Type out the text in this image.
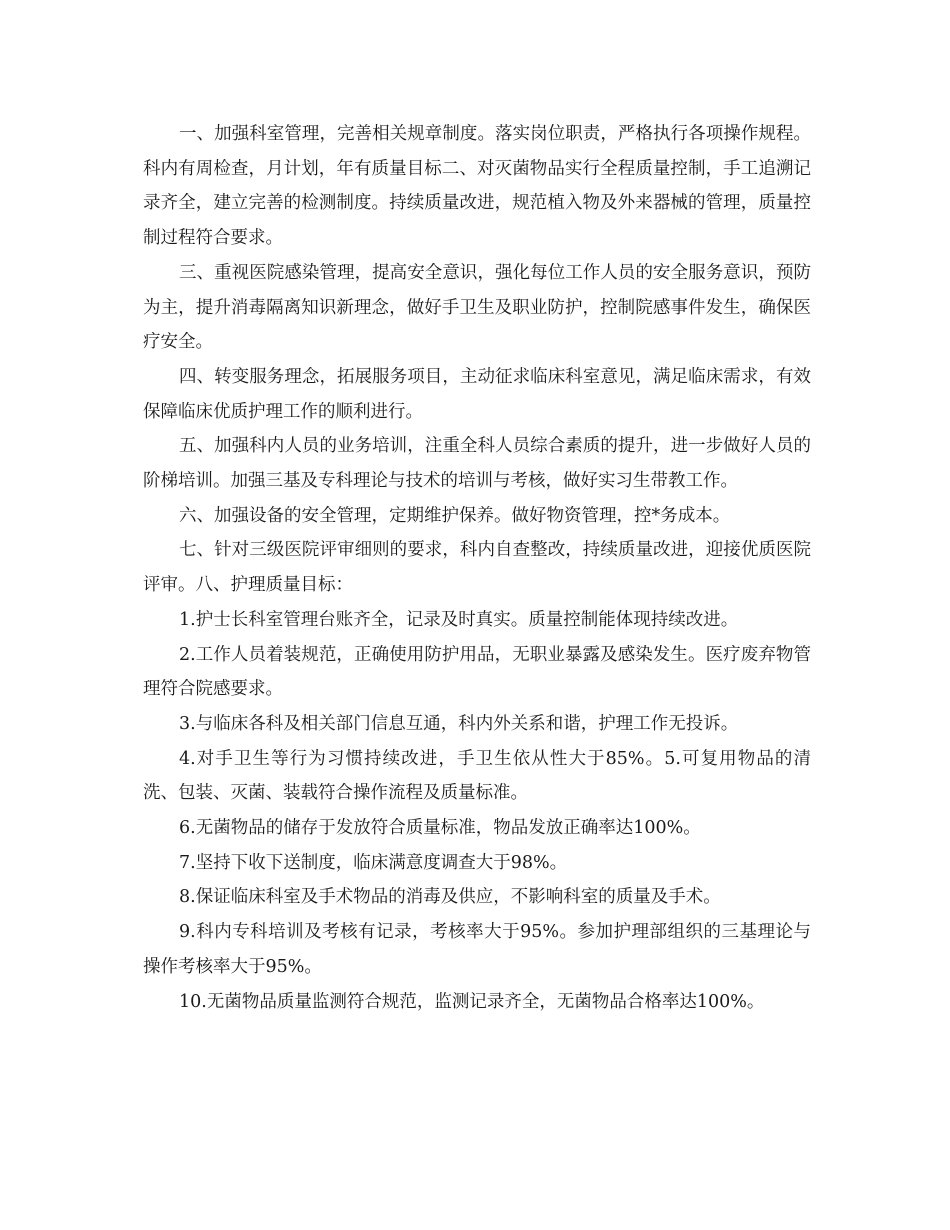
一、加强科室管理，完善相关规章制度。落实岗位职责，严格执行各项操作规程。科内有周检查，月计划，年有质量目标二、对灭菌物品实行全程质量控制，手工追溯记录齐全，建立完善的检测制度。持续质量改进，规范植入物及外来器械的管理，质量控制过程符合要求。

三、重视医院感染管理，提高安全意识，强化每位工作人员的安全服务意识，预防为主，提升消毒隔离知识新理念，做好手卫生及职业防护，控制院感事件发生，确保医疗安全。

四、转变服务理念，拓展服务项目，主动征求临床科室意见，满足临床需求，有效保障临床优质护理工作的顺利进行。

五、加强科内人员的业务培训，注重全科人员综合素质的提升，进一步做好人员的阶梯培训。加强三基及专科理论与技术的培训与考核，做好实习生带教工作。

六、加强设备的安全管理，定期维护保养。做好物资管理，控*务成本。

七、针对三级医院评审细则的要求，科内自查整改，持续质量改进，迎接优质医院评审。八、护理质量目标：

1.护士长科室管理台账齐全，记录及时真实。质量控制能体现持续改进。

2.工作人员着装规范，正确使用防护用品，无职业暴露及感染发生。医疗废弃物管理符合院感要求。

3.与临床各科及相关部门信息互通，科内外关系和谐，护理工作无投诉。

4.对手卫生等行为习惯持续改进，手卫生依从性大于85%。5.可复用物品的清洗、包装、灭菌、装载符合操作流程及质量标准。

6.无菌物品的储存于发放符合质量标准，物品发放正确率达100%。

7.坚持下收下送制度，临床满意度调查大于98%。

8.保证临床科室及手术物品的消毒及供应，不影响科室的质量及手术。

9.科内专科培训及考核有记录，考核率大于95%。参加护理部组织的三基理论与操作考核率大于95%。

10.无菌物品质量监测符合规范，监测记录齐全，无菌物品合格率达100%。
